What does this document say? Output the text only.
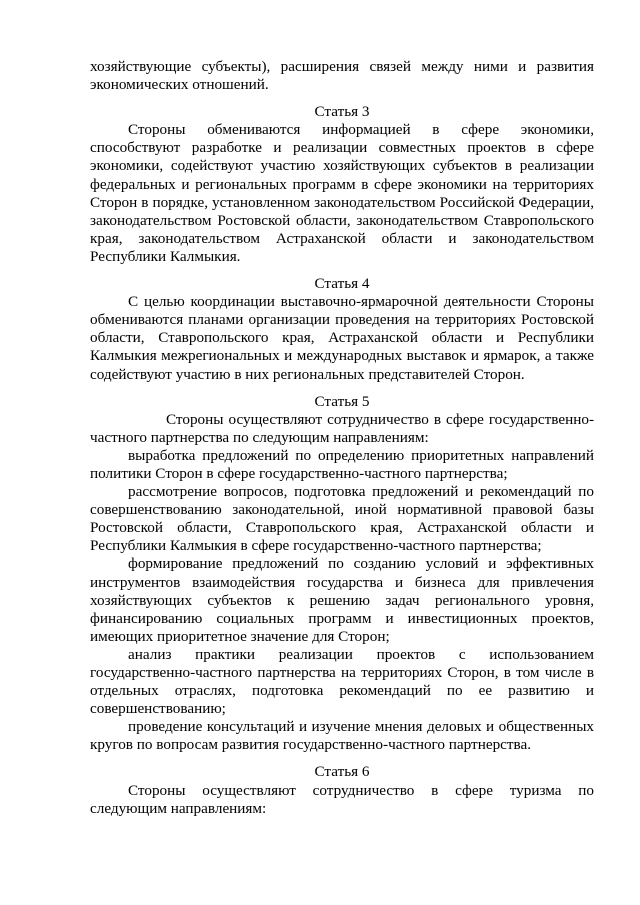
хозяйствующие субъекты), расширения связей между ними и развития экономических отношений.

Статья 3

Стороны обмениваются информацией в сфере экономики, способствуют разработке и реализации совместных проектов в сфере экономики, содействуют участию хозяйствующих субъектов в реализации федеральных и региональных программ в сфере экономики на территориях Сторон в порядке, установленном законодательством Российской Федерации, законодательством Ростовской области, законодательством Ставропольского края, законодательством Астраханской области и законодательством Республики Калмыкия.

Статья 4

С целью координации выставочно-ярмарочной деятельности Стороны обмениваются планами организации проведения на территориях Ростовской области, Ставропольского края, Астраханской области и Республики Калмыкия межрегиональных и международных выставок и ярмарок, а также содействуют участию в них региональных представителей Сторон.

Статья 5

Стороны осуществляют сотрудничество в сфере государственно-частного партнерства по следующим направлениям:

выработка предложений по определению приоритетных направлений политики Сторон в сфере государственно-частного партнерства;

рассмотрение вопросов, подготовка предложений и рекомендаций по совершенствованию законодательной, иной нормативной правовой базы Ростовской области, Ставропольского края, Астраханской области и Республики Калмыкия в сфере государственно-частного партнерства;

формирование предложений по созданию условий и эффективных инструментов взаимодействия государства и бизнеса для привлечения хозяйствующих субъектов к решению задач регионального уровня, финансированию социальных программ и инвестиционных проектов, имеющих приоритетное значение для Сторон;

анализ практики реализации проектов с использованием государственно-частного партнерства на территориях Сторон, в том числе в отдельных отраслях, подготовка рекомендаций по ее развитию и совершенствованию;

проведение консультаций и изучение мнения деловых и общественных кругов по вопросам развития государственно-частного партнерства.

Статья 6

Стороны осуществляют сотрудничество в сфере туризма по следующим направлениям:
